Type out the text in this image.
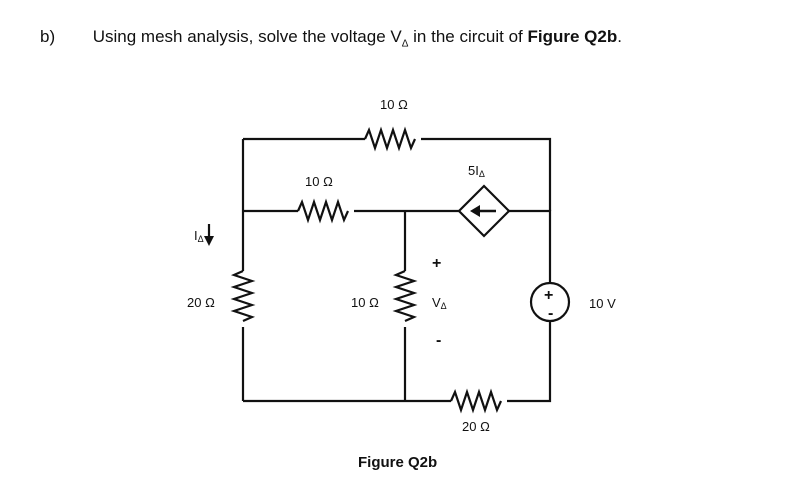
b) Using mesh analysis, solve the voltage $V_\Delta$ in the circuit of Figure Q2b.
10 Ω
10 Ω
10 Ω
20 Ω
20 Ω
5IΔ
IΔ
VΔ
+
-
+
-
10 V
Figure Q2b
